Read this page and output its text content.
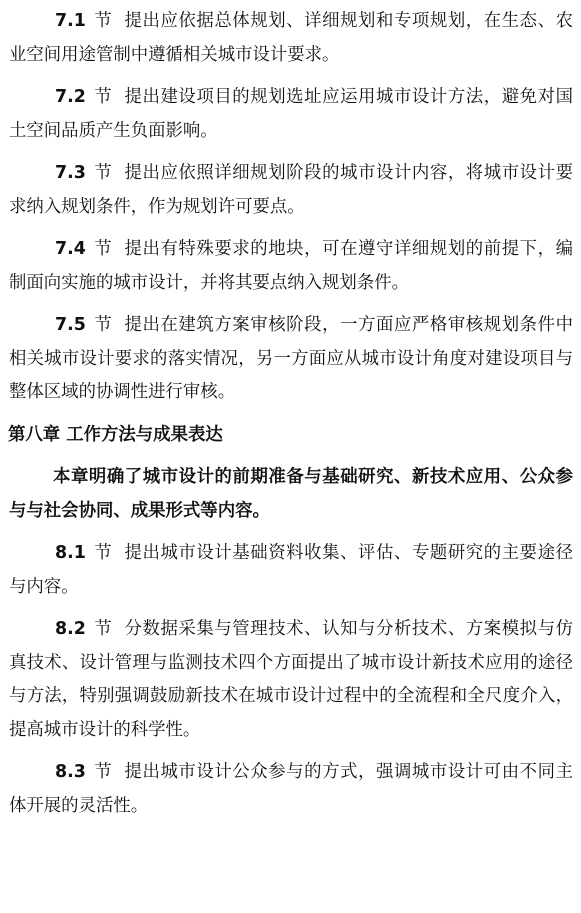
7.1 节 提出应依据总体规划、详细规划和专项规划，在生态、农业空间用途管制中遵循相关城市设计要求。

7.2 节 提出建设项目的规划选址应运用城市设计方法，避免对国土空间品质产生负面影响。

7.3 节 提出应依照详细规划阶段的城市设计内容，将城市设计要求纳入规划条件，作为规划许可要点。

7.4 节 提出有特殊要求的地块，可在遵守详细规划的前提下，编制面向实施的城市设计，并将其要点纳入规划条件。

7.5 节 提出在建筑方案审核阶段，一方面应严格审核规划条件中相关城市设计要求的落实情况，另一方面应从城市设计角度对建设项目与整体区域的协调性进行审核。

第八章 工作方法与成果表达

本章明确了城市设计的前期准备与基础研究、新技术应用、公众参与与社会协同、成果形式等内容。

8.1 节 提出城市设计基础资料收集、评估、专题研究的主要途径与内容。

8.2 节 分数据采集与管理技术、认知与分析技术、方案模拟与仿真技术、设计管理与监测技术四个方面提出了城市设计新技术应用的途径与方法，特别强调鼓励新技术在城市设计过程中的全流程和全尺度介入，提高城市设计的科学性。

8.3 节 提出城市设计公众参与的方式，强调城市设计可由不同主体开展的灵活性。
